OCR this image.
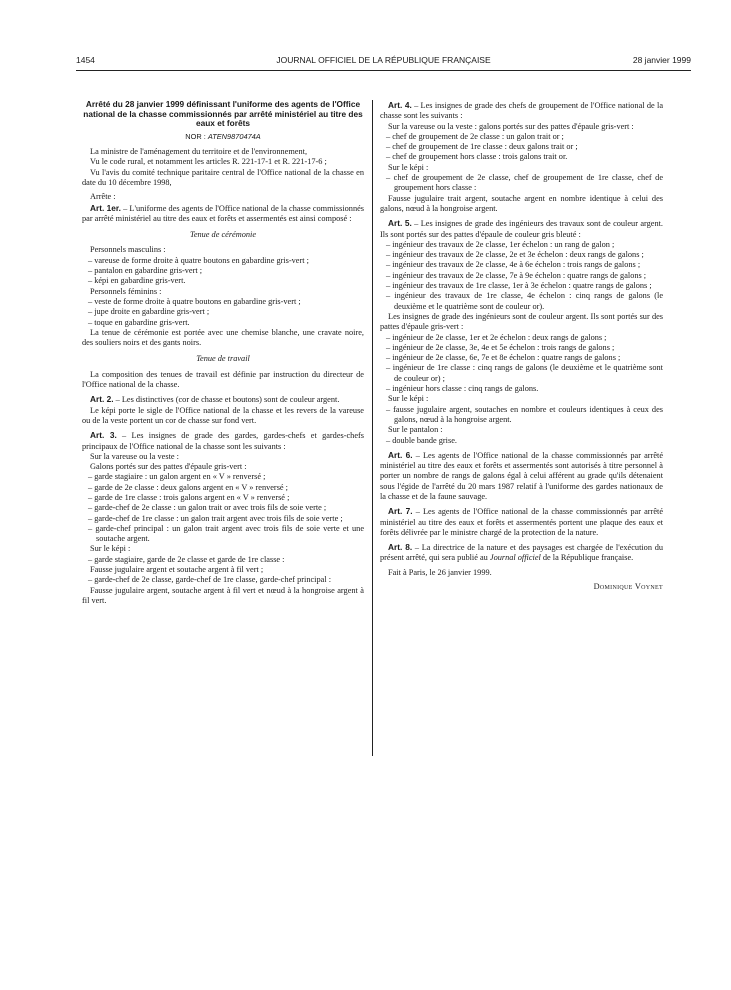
1454	JOURNAL OFFICIEL DE LA RÉPUBLIQUE FRANÇAISE	28 janvier 1999

Arrêté du 28 janvier 1999 définissant l'uniforme des agents de l'Office national de la chasse commissionnés par arrêté ministériel au titre des eaux et forêts

NOR : ATEN9870474A

La ministre de l'aménagement du territoire et de l'environnement,

Vu le code rural, et notamment les articles R. 221-17-1 et R. 221-17-6 ;

Vu l'avis du comité technique paritaire central de l'Office national de la chasse en date du 10 décembre 1998,

Arrête :

Art. 1er. – L'uniforme des agents de l'Office national de la chasse commissionnés par arrêté ministériel au titre des eaux et forêts et assermentés est ainsi composé :

Tenue de cérémonie

Personnels masculins :

– vareuse de forme droite à quatre boutons en gabardine gris-vert ;

– pantalon en gabardine gris-vert ;

– képi en gabardine gris-vert.

Personnels féminins :

– veste de forme droite à quatre boutons en gabardine gris-vert ;

– jupe droite en gabardine gris-vert ;

– toque en gabardine gris-vert.

La tenue de cérémonie est portée avec une chemise blanche, une cravate noire, des souliers noirs et des gants noirs.

Tenue de travail

La composition des tenues de travail est définie par instruction du directeur de l'Office national de la chasse.

Art. 2. – Les distinctives (cor de chasse et boutons) sont de couleur argent.

Le képi porte le sigle de l'Office national de la chasse et les revers de la vareuse ou de la veste portent un cor de chasse sur fond vert.

Art. 3. – Les insignes de grade des gardes, gardes-chefs et gardes-chefs principaux de l'Office national de la chasse sont les suivants :

Sur la vareuse ou la veste :

Galons portés sur des pattes d'épaule gris-vert :

– garde stagiaire : un galon argent en « V » renversé ;

– garde de 2e classe : deux galons argent en « V » renversé ;

– garde de 1re classe : trois galons argent en « V » renversé ;

– garde-chef de 2e classe : un galon trait or avec trois fils de soie verte ;

– garde-chef de 1re classe : un galon trait argent avec trois fils de soie verte ;

– garde-chef principal : un galon trait argent avec trois fils de soie verte et une soutache argent.

Sur le képi :

– garde stagiaire, garde de 2e classe et garde de 1re classe :

Fausse jugulaire argent et soutache argent à fil vert ;

– garde-chef de 2e classe, garde-chef de 1re classe, garde-chef principal :

Fausse jugulaire argent, soutache argent à fil vert et nœud à la hongroise argent à fil vert.

Art. 4. – Les insignes de grade des chefs de groupement de l'Office national de la chasse sont les suivants :

Sur la vareuse ou la veste : galons portés sur des pattes d'épaule gris-vert :

– chef de groupement de 2e classe : un galon trait or ;

– chef de groupement de 1re classe : deux galons trait or ;

– chef de groupement hors classe : trois galons trait or.

Sur le képi :

– chef de groupement de 2e classe, chef de groupement de 1re classe, chef de groupement hors classe :

Fausse jugulaire trait argent, soutache argent en nombre identique à celui des galons, nœud à la hongroise argent.

Art. 5. – Les insignes de grade des ingénieurs des travaux sont de couleur argent. Ils sont portés sur des pattes d'épaule de couleur gris bleuté :

– ingénieur des travaux de 2e classe, 1er échelon : un rang de galon ;

– ingénieur des travaux de 2e classe, 2e et 3e échelon : deux rangs de galons ;

– ingénieur des travaux de 2e classe, 4e à 6e échelon : trois rangs de galons ;

– ingénieur des travaux de 2e classe, 7e à 9e échelon : quatre rangs de galons ;

– ingénieur des travaux de 1re classe, 1er à 3e échelon : quatre rangs de galons ;

– ingénieur des travaux de 1re classe, 4e échelon : cinq rangs de galons (le deuxième et le quatrième sont de couleur or).

Les insignes de grade des ingénieurs sont de couleur argent. Ils sont portés sur des pattes d'épaule gris-vert :

– ingénieur de 2e classe, 1er et 2e échelon : deux rangs de galons ;

– ingénieur de 2e classe, 3e, 4e et 5e échelon : trois rangs de galons ;

– ingénieur de 2e classe, 6e, 7e et 8e échelon : quatre rangs de galons ;

– ingénieur de 1re classe : cinq rangs de galons (le deuxième et le quatrième sont de couleur or) ;

– ingénieur hors classe : cinq rangs de galons.

Sur le képi :

– fausse jugulaire argent, soutaches en nombre et couleurs identiques à ceux des galons, nœud à la hongroise argent.

Sur le pantalon :

– double bande grise.

Art. 6. – Les agents de l'Office national de la chasse commissionnés par arrêté ministériel au titre des eaux et forêts et assermentés sont autorisés à titre personnel à porter un nombre de rangs de galons égal à celui afférent au grade qu'ils détenaient sous l'égide de l'arrêté du 20 mars 1987 relatif à l'uniforme des gardes nationaux de la chasse et de la faune sauvage.

Art. 7. – Les agents de l'Office national de la chasse commissionnés par arrêté ministériel au titre des eaux et forêts et assermentés portent une plaque des eaux et forêts délivrée par le ministre chargé de la protection de la nature.

Art. 8. – La directrice de la nature et des paysages est chargée de l'exécution du présent arrêté, qui sera publié au Journal officiel de la République française.

Fait à Paris, le 26 janvier 1999.

Dominique Voynet
